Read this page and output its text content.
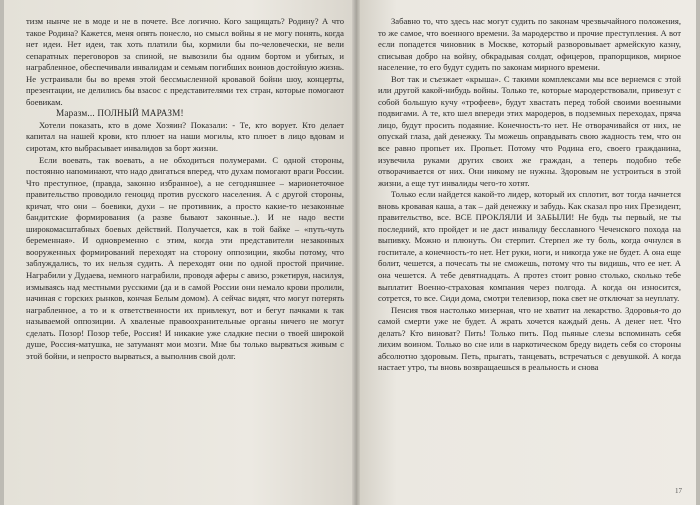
тизм нынче не в моде и не в почете. Все логично. Кого защищать? Родину? А что такое Родина? Кажется, меня опять понесло, но смысл войны я не могу понять, когда нет идеи. Нет идеи, так хоть платили бы, кормили бы по-человечески, не вели сепаратных переговоров за спиной, не вывозили бы одним бортом и убитых, и награбленное, обеспечивали инвалидам и семьям погибших воинов достойную жизнь. Не устраивали бы во время этой бессмысленной кровавой бойни шоу, концерты, презентации, не делились бы взасос с представителями тех стран, которые помогают боевикам.

Маразм... ПОЛНЫЙ МАРАЗМ!

Хотели показать, кто в доме Хозяин? Показали: - Те, кто ворует. Кто делает капитал на нашей крови, кто плюет на наши могилы, кто плюет в лицо вдовам и сиротам, кто выбрасывает инвалидов за борт жизни.

Если воевать, так воевать, а не обходиться полумерами. С одной стороны, постоянно напоминают, что надо двигаться вперед, что духам помогают враги России. Что преступное, (правда, законно избранное), а не сегодняшнее – марионеточное правительство проводило геноцид против русского населения. А с другой стороны, кричат, что они – боевики, духи – не противник, а просто какие-то незаконные бандитские формирования (а разве бывают законные..). И не надо вести широкомасштабных боевых действий. Получается, как в той байке – «путь-чуть беременная». И одновременно с этим, когда эти представители незаконных вооруженных формирований переходят на сторону оппозиции, якобы потому, что заблуждались, то их нельзя судить. А переходят они по одной простой причине. Награбили у Дудаева, немного награбили, проводя аферы с авизо, рэкетируя, насилуя, измываясь над местными русскими (да и в самой России они немало крови пролили, начиная с горских рынков, кончая Белым домом). А сейчас видят, что могут потерять награбленное, а то и к ответственности их привлекут, вот и бегут пачками к так называемой оппозиции. А хваленые правоохранительные органы ничего не могут сделать. Позор! Позор тебе, Россия! И никакие уже сладкие песни о твоей широкой душе, Россия-матушка, не затуманят мои мозги. Мне бы только вырваться живым с этой бойни, и непросто вырваться, а выполнив свой долг.

Забавно то, что здесь нас могут судить по законам чрезвычайного положения, то же самое, что военного времени. За мародерство и прочие преступления. А вот если попадется чиновник в Москве, который разворовывает армейскую казну, списывая добро на войну, обкрадывая солдат, офицеров, прапорщиков, мирное население, то его будут судить по законам мирного времени.

Вот так и съезжает «крыша». С такими комплексами мы все вернемся с этой или другой какой-нибудь войны. Только те, которые мародерствовали, привезут с собой большую кучу «трофеев», будут хвастать перед тобой своими военными подвигами. А те, кто шел впереди этих мародеров, в подземных переходах, пряча лицо, будут просить подаяние. Конечность-то нет. Не отворачивайся от них, не опускай глаза, дай денежку. Ты можешь оправдывать свою жадность тем, что он все равно пропьет их. Пропьет. Потому что Родина его, своего гражданина, изувечила руками других своих же граждан, а теперь подобно тебе отворачивается от них. Они никому не нужны. Здоровым не устроиться в этой жизни, а еще тут инвалиды чего-то хотят.

Только если найдется какой-то лидер, который их сплотит, вот тогда начнется вновь кровавая каша, а так – дай денежку и забудь. Как сказал про них Президент, правительство, все. ВСЕ ПРОКЛЯЛИ И ЗАБЫЛИ! Не будь ты первый, не ты последний, кто пройдет и не даст инвалиду бесславного Чеченского похода на выпивку. Можно и плюнуть. Он стерпит. Стерпел же ту боль, когда очнулся в госпитале, а конечность-то нет. Нет руки, ноги, и никогда уже не будет. А она еще болит, чешется, а почесать ты не сможешь, потому что ты видишь, что ее нет. А она чешется. А тебе девятнадцать. А протез стоит ровно столько, сколько тебе выплатит Военно-страховая компания через полгода. А когда он износится, сотрется, то все. Сиди дома, смотри телевизор, пока свет не отключат за неуплату.

Пенсия твоя настолько мизерная, что не хватит на лекарство. Здоровья-то до самой смерти уже не будет. А жрать хочется каждый день. А денег нет. Что делать? Кто виноват? Пить! Только пить. Под пьяные слезы вспоминать себя лихим воином. Только во сне или в наркотическом бреду видеть себя со стороны абсолютно здоровым. Петь, прыгать, танцевать, встречаться с девушкой. А когда настает утро, ты вновь возвращаешься в реальность и снова

17
